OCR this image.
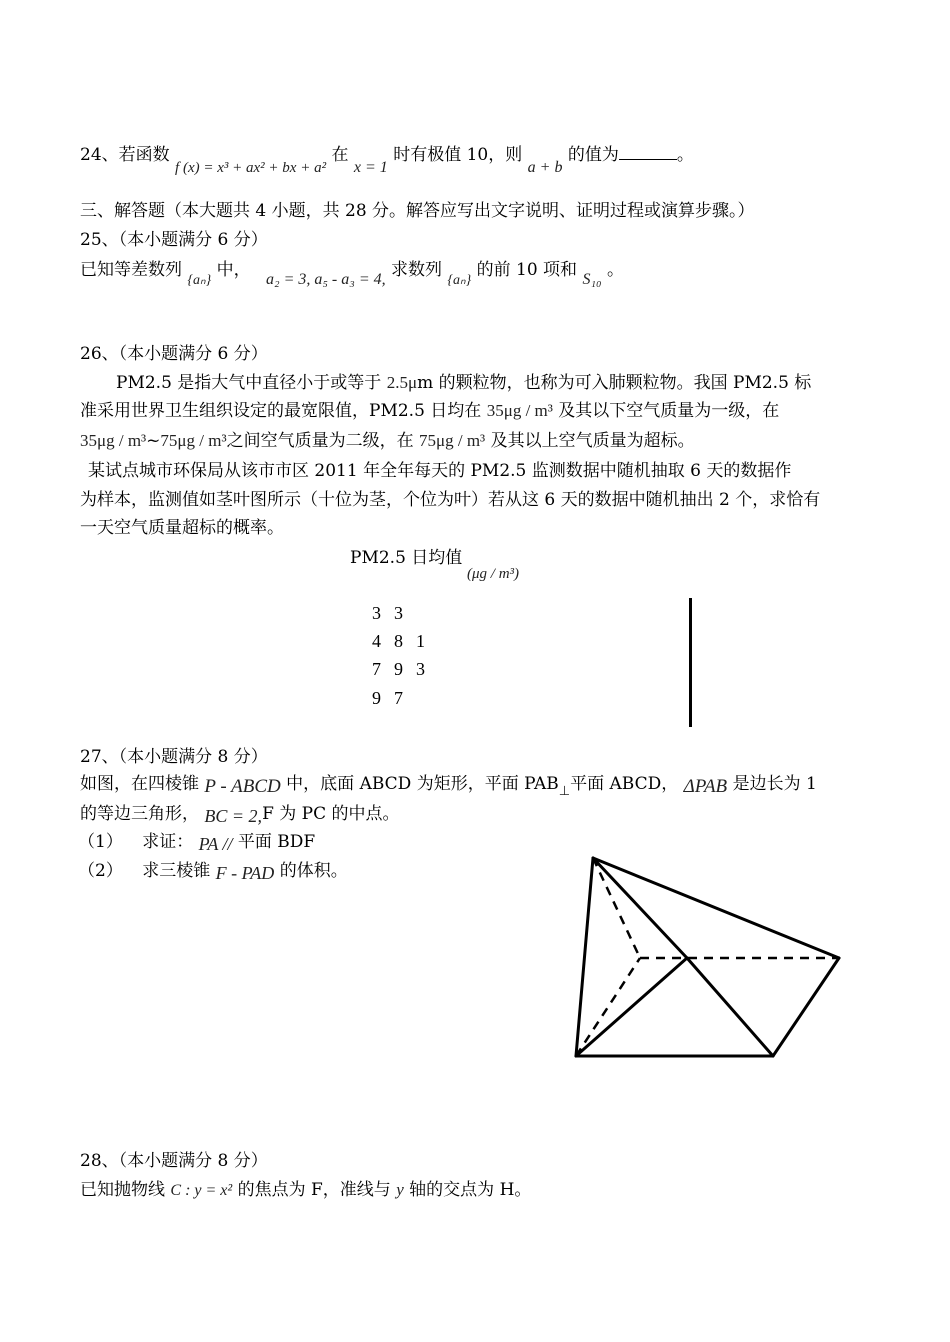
24、若函数 f (x) = x³ + ax² + bx + a² 在 x = 1 时有极值 10，则 a + b 的值为	。
三、解答题（本大题共 4 小题，共 28 分。解答应写出文字说明、证明过程或演算步骤。）
25、（本小题满分 6 分）
已知等差数列 $_{\{a_n\}}$ 中， a₂ = 3, a₅ - a₃ = 4, 求数列 $_{\{a_n\}}$ 的前 10 项和 S₁₀ 。
26、（本小题满分 6 分）
PM2.5 是指大气中直径小于或等于 2.5μm 的颗粒物，也称为可入肺颗粒物。我国 PM2.5 标
准采用世界卫生组织设定的最宽限值，PM2.5 日均在 35μg / m³ 及其以下空气质量为一级，在
35μg / m³~75μg / m³之间空气质量为二级，在 75μg / m³ 及其以上空气质量为超标。
某试点城市环保局从该市市区 2011 年全年每天的 PM2.5 监测数据中随机抽取 6 天的数据作
为样本，监测值如茎叶图所示（十位为茎，个位为叶）若从这 6 天的数据中随机抽出 2 个，求恰有
一天空气质量超标的概率。
PM2.5 日均值
(μg / m³)
3 3
4 8 1
7 9 3
9 7
27、（本小题满分 8 分）
如图，在四棱锥 P - ABCD 中，底面 ABCD 为矩形，平面 $PAB_\perp$平面 ABCD， ΔPAB 是边长为 1
的等边三角形， BC = 2,F 为 PC 的中点。
（1） 求证： PA // 平面 BDF
（2） 求三棱锥 F - PAD 的体积。
28、（本小题满分 8 分）
已知抛物线 C : y = x² 的焦点为 F，准线与 y 轴的交点为 H。
